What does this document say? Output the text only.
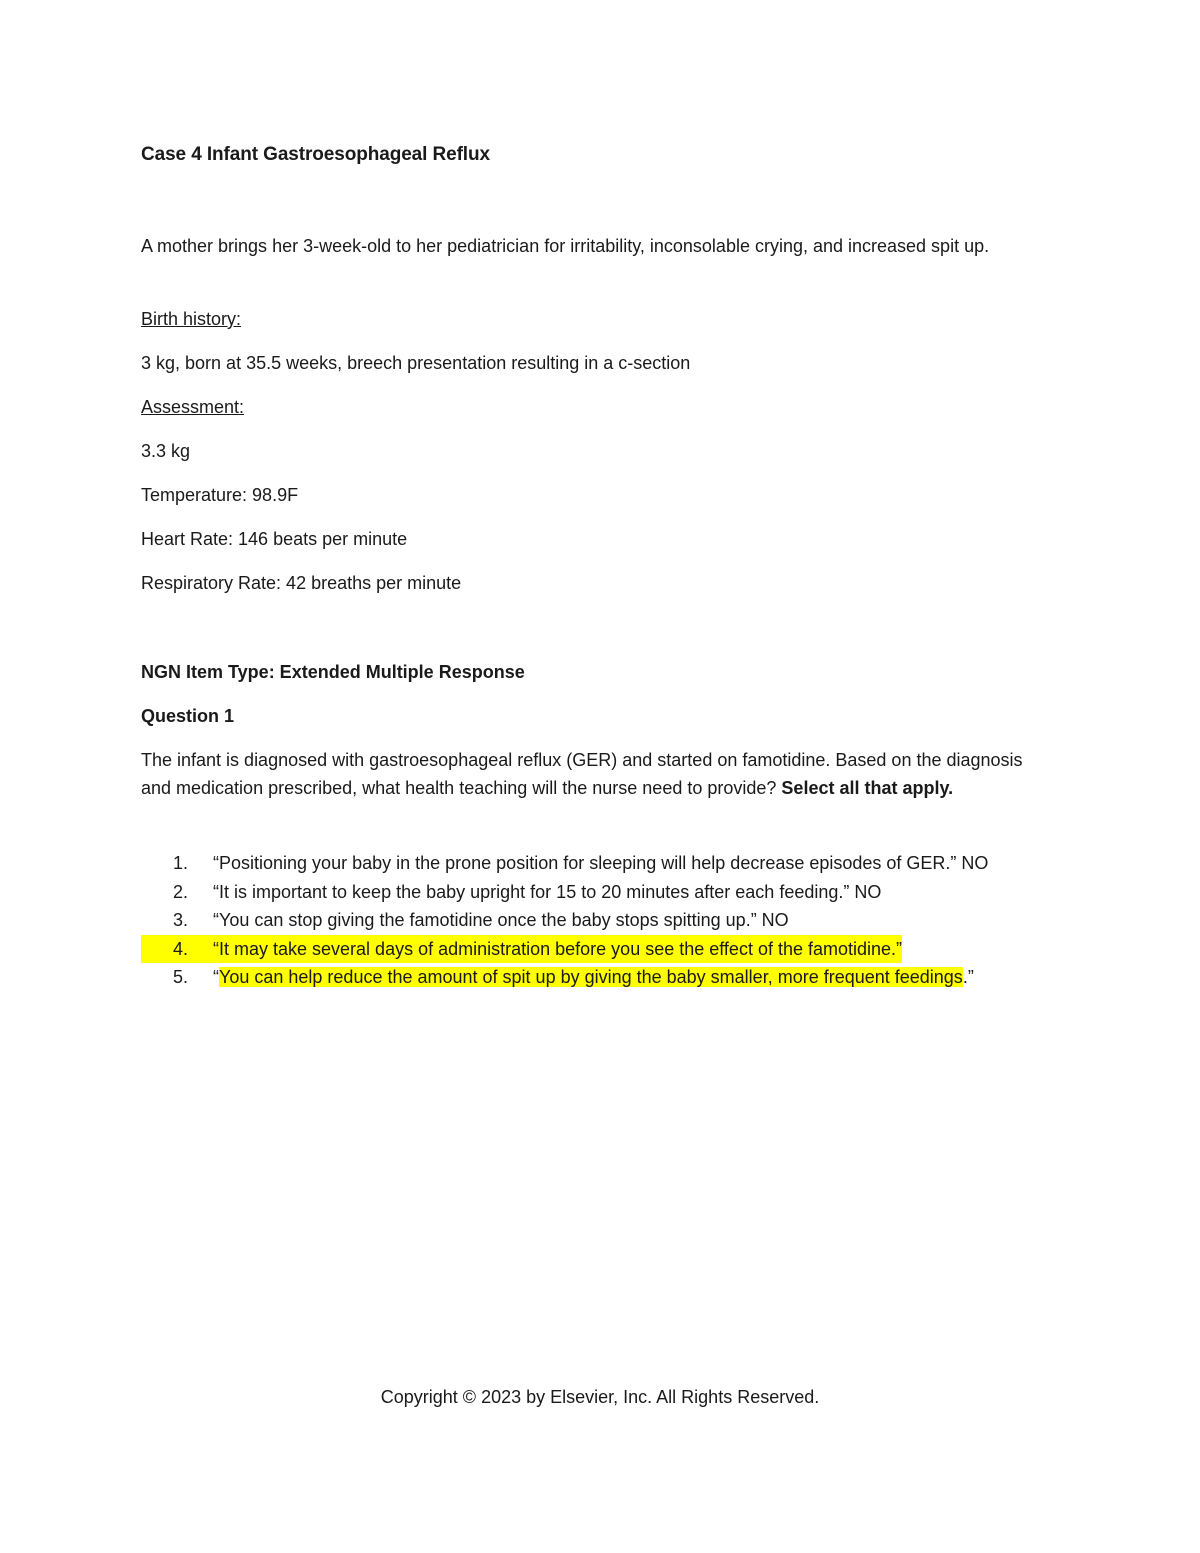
Case 4 Infant Gastroesophageal Reflux

A mother brings her 3-week-old to her pediatrician for irritability, inconsolable crying, and increased spit up.

Birth history:

3 kg, born at 35.5 weeks, breech presentation resulting in a c-section

Assessment:

3.3 kg

Temperature: 98.9F

Heart Rate: 146 beats per minute

Respiratory Rate: 42 breaths per minute

NGN Item Type: Extended Multiple Response

Question 1

The infant is diagnosed with gastroesophageal reflux (GER) and started on famotidine. Based on the diagnosis and medication prescribed, what health teaching will the nurse need to provide? Select all that apply.

1.	“Positioning your baby in the prone position for sleeping will help decrease episodes of GER.” NO
2.	“It is important to keep the baby upright for 15 to 20 minutes after each feeding.” NO
3.	“You can stop giving the famotidine once the baby stops spitting up.” NO
4.	“It may take several days of administration before you see the effect of the famotidine.”
5.	“You can help reduce the amount of spit up by giving the baby smaller, more frequent feedings.”
Copyright © 2023 by Elsevier, Inc. All Rights Reserved.
